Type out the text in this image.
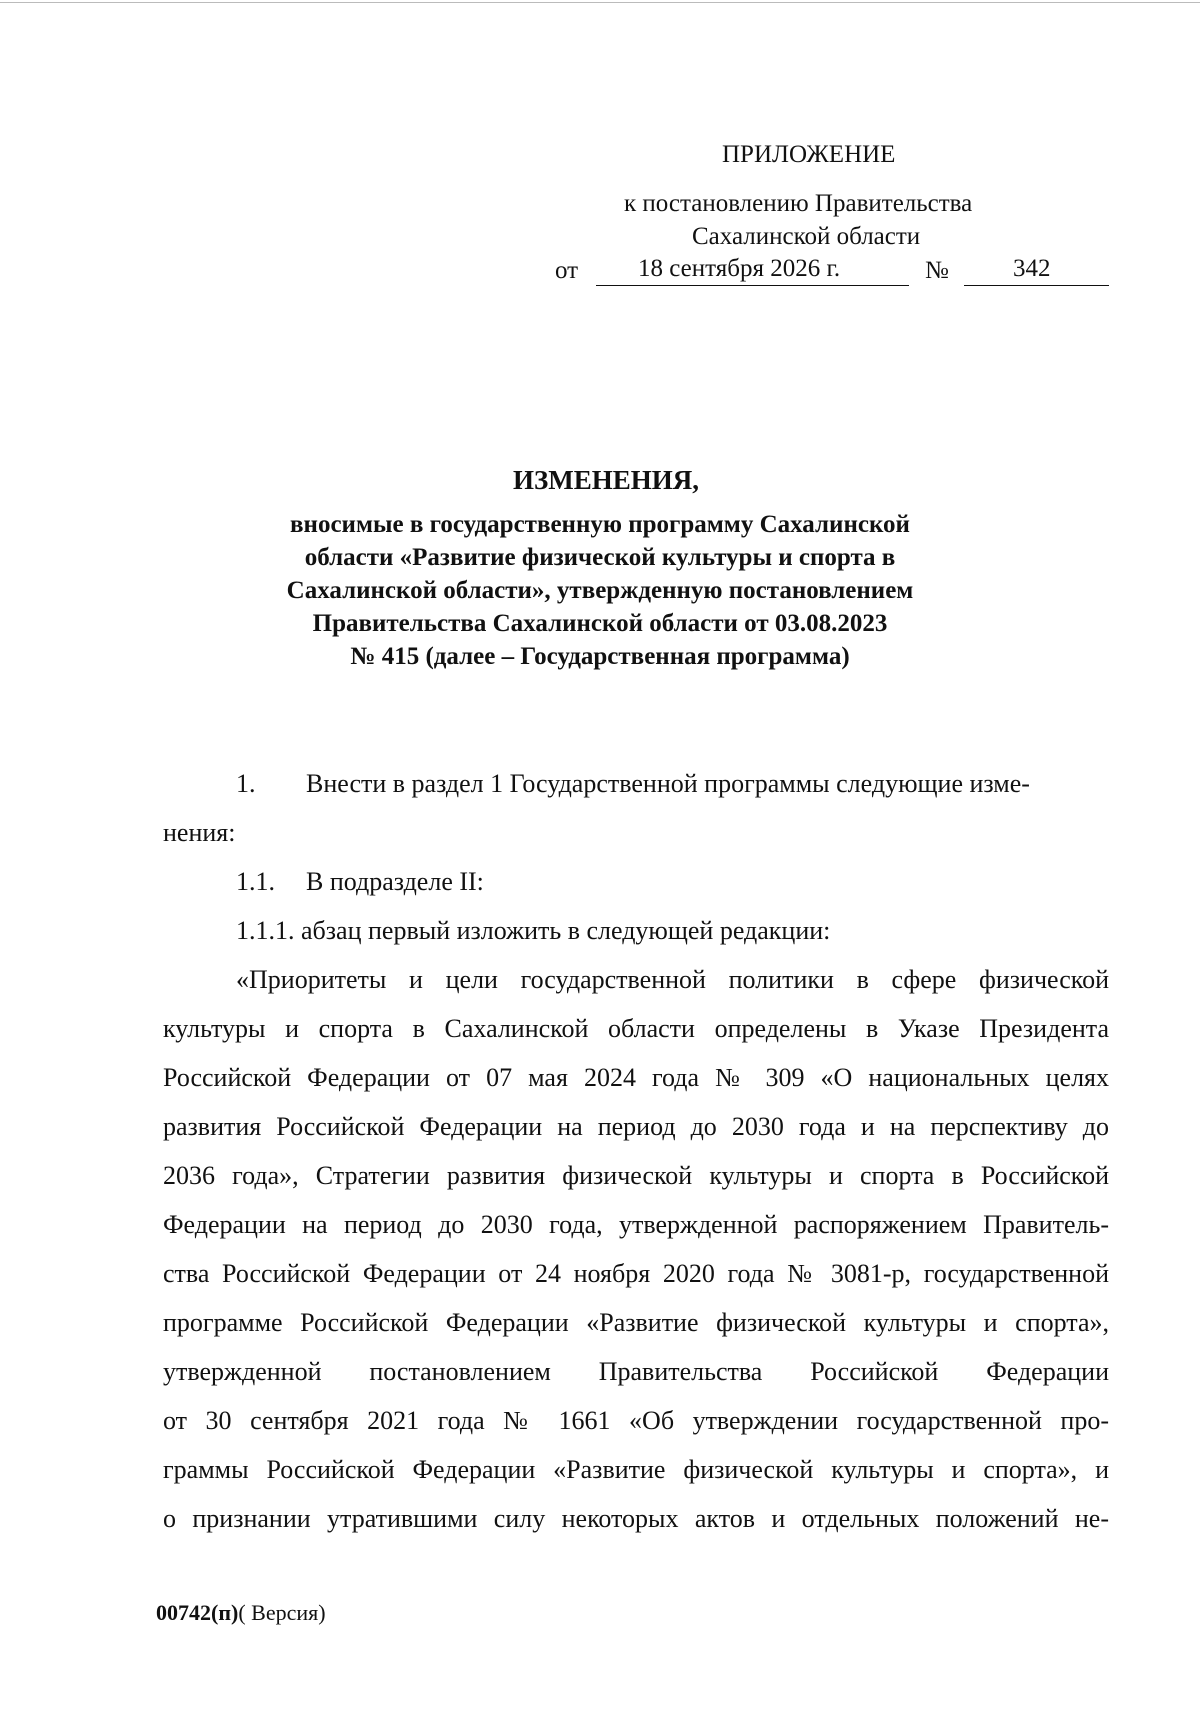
ПРИЛОЖЕНИЕ
к постановлению Правительства
Сахалинской области
от 18 сентября 2026 г.	№	342
ИЗМЕНЕНИЯ,
вносимые в государственную программу Сахалинской
области «Развитие физической культуры и спорта в
Сахалинской области», утвержденную постановлением
Правительства Сахалинской области от 03.08.2023
№ 415 (далее – Государственная программа)
1. Внести в раздел 1 Государственной программы следующие изме-
нения:
1.1. В подразделе II:
1.1.1. абзац первый изложить в следующей редакции:
«Приоритеты и цели государственной политики в сфере физической
культуры и спорта в Сахалинской области определены в Указе Президента
Российской Федерации от 07 мая 2024 года № 309 «О национальных целях
развития Российской Федерации на период до 2030 года и на перспективу до
2036 года», Стратегии развития физической культуры и спорта в Российской
Федерации на период до 2030 года, утвержденной распоряжением Правитель-
ства Российской Федерации от 24 ноября 2020 года № 3081-р, государственной
программе Российской Федерации «Развитие физической культуры и спорта»,
утвержденной постановлением Правительства Российской Федерации
от 30 сентября 2021 года № 1661 «Об утверждении государственной про-
граммы Российской Федерации «Развитие физической культуры и спорта», и
о признании утратившими силу некоторых актов и отдельных положений не-
00742(п)( Версия)
